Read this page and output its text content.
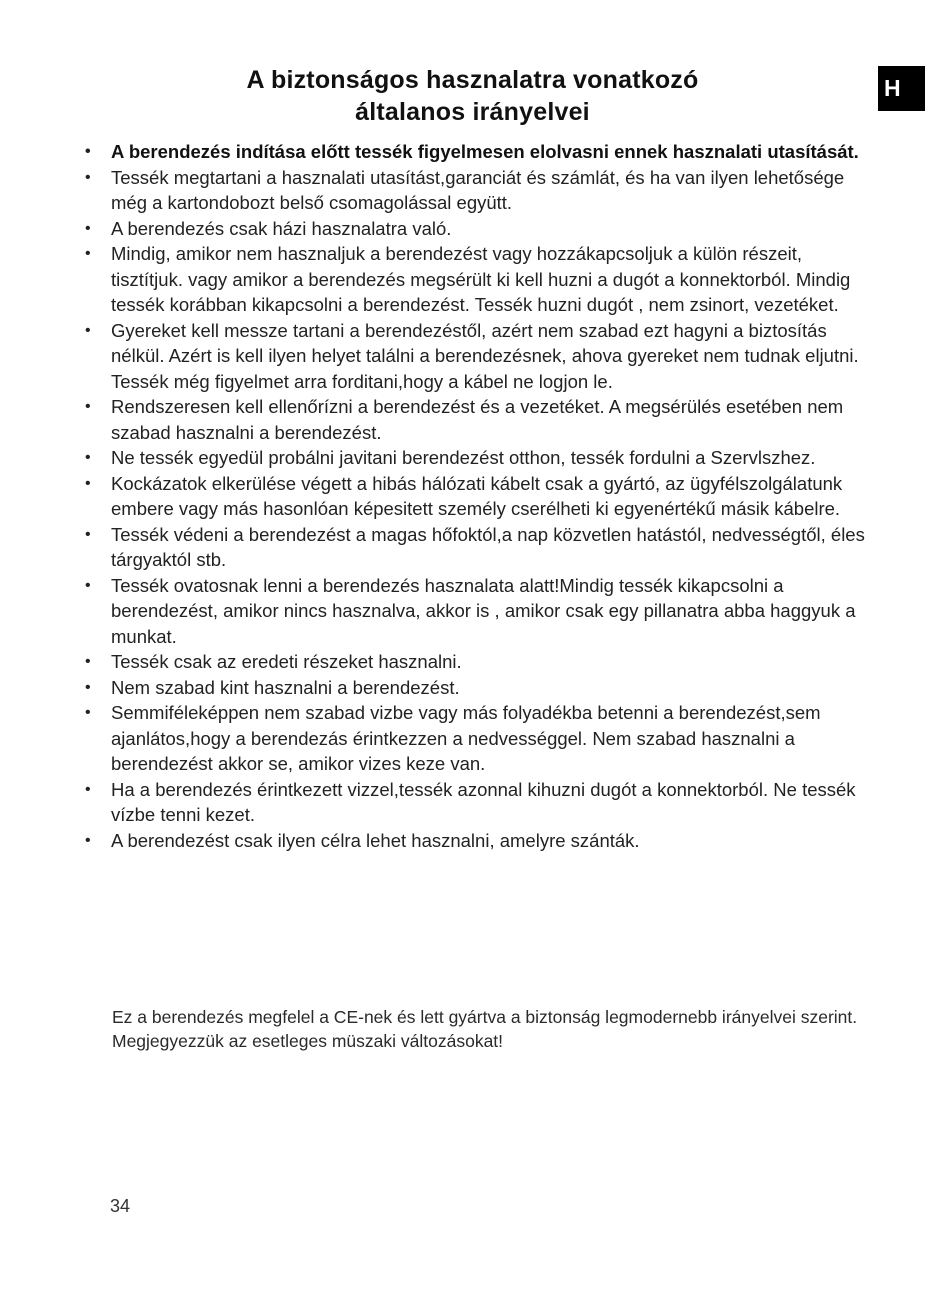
A biztonságos hasznalatra vonatkozó
általanos irányelvei
H
• A berendezés indítása előtt tessék figyelmesen elolvasni ennek hasznalati utasítását.
• Tessék megtartani a hasznalati utasítást,garanciát és számlát, és ha van ilyen lehetősége még a kartondobozt belső csomagolással együtt.
• A berendezés csak házi hasznalatra való.
• Mindig, amikor nem hasznaljuk a berendezést vagy hozzákapcsoljuk a külön részeit, tisztítjuk. vagy amikor a berendezés megsérült ki kell huzni a dugót a konnektorból. Mindig tessék korábban kikapcsolni a berendezést. Tessék huzni dugót , nem zsinort, vezetéket.
• Gyereket kell messze tartani a berendezéstől, azért nem szabad ezt hagyni a biztosítás nélkül. Azért is kell ilyen helyet találni a berendezésnek, ahova gyereket nem tudnak eljutni. Tessék még figyelmet arra forditani,hogy a kábel ne logjon le.
• Rendszeresen kell ellenőrízni a berendezést és a vezetéket. A megsérülés esetében nem szabad hasznalni a berendezést.
• Ne tessék egyedül probálni javitani berendezést otthon, tessék fordulni a Szervlszhez.
• Kockázatok elkerülése végett a hibás hálózati kábelt csak a gyártó, az ügyfélszolgálatunk embere vagy más hasonlóan képesitett személy cserélheti ki egyenértékű másik kábelre.
• Tessék védeni a berendezést a magas hőfoktól,a nap közvetlen hatástól, nedvességtől, éles tárgyaktól stb.
• Tessék ovatosnak lenni a berendezés hasznalata alatt!Mindig tessék kikapcsolni a berendezést, amikor nincs hasznalva, akkor is , amikor csak egy pillanatra abba haggyuk a munkat.
• Tessék csak az eredeti részeket hasznalni.
• Nem szabad kint hasznalni a berendezést.
• Semmiféleképpen nem szabad vizbe vagy más folyadékba betenni a berendezést,sem ajanlátos,hogy a berendezás érintkezzen a nedvességgel. Nem szabad hasznalni a berendezést akkor se, amikor vizes keze van.
• Ha a berendezés érintkezett vizzel,tessék azonnal kihuzni dugót a konnektorból. Ne tessék vízbe tenni kezet.
• A berendezést csak ilyen célra lehet hasznalni, amelyre szánták.

Ez a berendezés megfelel a CE-nek és lett gyártva a biztonság legmodernebb irányelvei szerint.

Megjegyezzük az esetleges müszaki változásokat!

34
